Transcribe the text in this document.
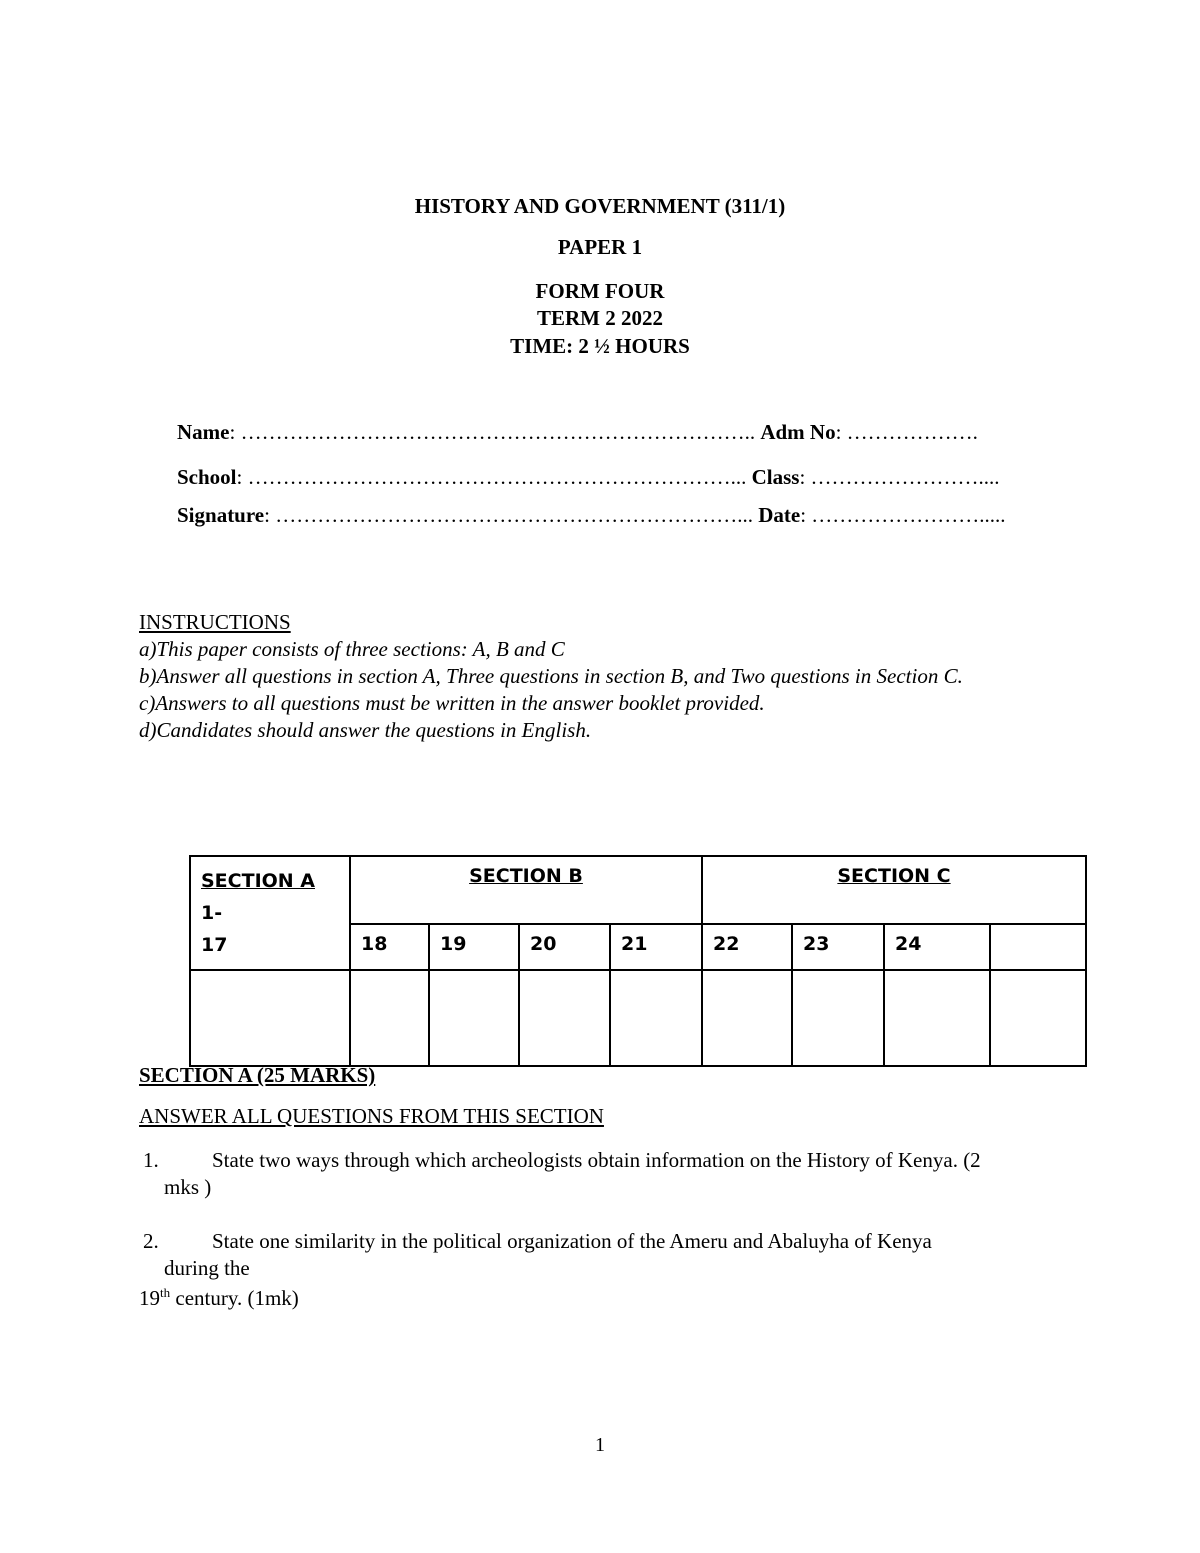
HISTORY AND GOVERNMENT (311/1)
PAPER 1
FORM FOUR
TERM 2 2022
TIME: 2 ½ HOURS
Name: ……………………………………………………………….. Adm No: ……………….
School: ……………………………………………………………... Class: ……………………....
Signature: …………………………………………………………... Date: …………………….....
INSTRUCTIONS
a)This paper consists of three sections: A, B and C
b)Answer all questions in section A, Three questions in section B, and Two questions in Section C.
c)Answers to all questions must be written in the answer booklet provided.
d)Candidates should answer the questions in English.
SECTION A 1-
17	SECTION B				SECTION C			
	18	19	20	21	22	23	24	

SECTION A (25 MARKS)
ANSWER ALL QUESTIONS FROM THIS SECTION
1.	State two ways through which archeologists obtain information on the History of Kenya. (2
mks )
2.	State one similarity in the political organization of the Ameru and Abaluyha of Kenya
during the
19th century. (1mk)
1
